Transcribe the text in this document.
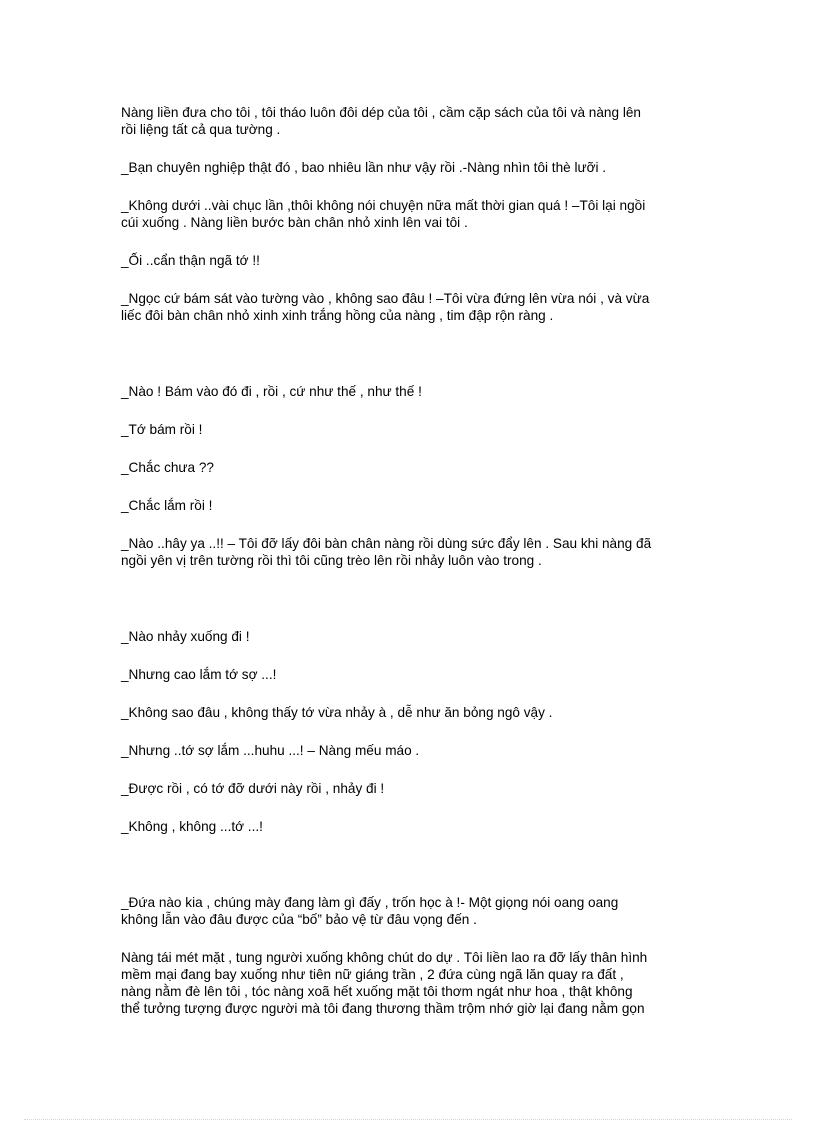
Nàng liền đưa cho tôi , tôi tháo luôn đôi dép của tôi , cầm cặp sách của tôi và nàng lên
rồi liệng tất cả qua tường .

_Bạn chuyên nghiệp thật đó , bao nhiêu lần như vậy rồi .-Nàng nhìn tôi thè lưỡi .

_Không dưới ..vài chục lần ,thôi không nói chuyện nữa mất thời gian quá ! –Tôi lại ngồi
cúi xuống . Nàng liền bước bàn chân nhỏ xinh lên vai tôi .

_Ối ..cẩn thận ngã tớ !!

_Ngọc cứ bám sát vào tường vào , không sao đâu ! –Tôi vừa đứng lên vừa nói , và vừa
liếc đôi bàn chân nhỏ xinh xinh trắng hồng của nàng , tim đập rộn ràng .

_Nào ! Bám vào đó đi , rồi , cứ như thế , như thế !

_Tớ bám rồi !

_Chắc chưa ??

_Chắc lắm rồi !

_Nào ..hây ya ..!! – Tôi đỡ lấy đôi bàn chân nàng rồi dùng sức đẩy lên . Sau khi nàng đã
ngồi yên vị trên tường rồi thì tôi cũng trèo lên rồi nhảy luôn vào trong .

_Nào nhảy xuống đi !

_Nhưng cao lắm tớ sợ ...!

_Không sao đâu , không thấy tớ vừa nhảy à , dễ như ăn bỏng ngô vậy .

_Nhưng ..tớ sợ lắm ...huhu ...! – Nàng mếu máo .

_Được rồi , có tớ đỡ dưới này rồi , nhảy đi !

_Không , không ...tớ ...!

_Đứa nào kia , chúng mày đang làm gì đấy , trốn học à !- Một giọng nói oang oang
không lẫn vào đâu được của “bố” bảo vệ từ đâu vọng đến .

Nàng tái mét mặt , tung người xuống không chút do dự . Tôi liền lao ra đỡ lấy thân hình
mềm mại đang bay xuống như tiên nữ giáng trần , 2 đứa cùng ngã lăn quay ra đất ,
nàng nằm đè lên tôi , tóc nàng xoã hết xuống mặt tôi thơm ngát như hoa , thật không
thể tưởng tượng được người mà tôi đang thương thầm trộm nhớ giờ lại đang nằm gọn
